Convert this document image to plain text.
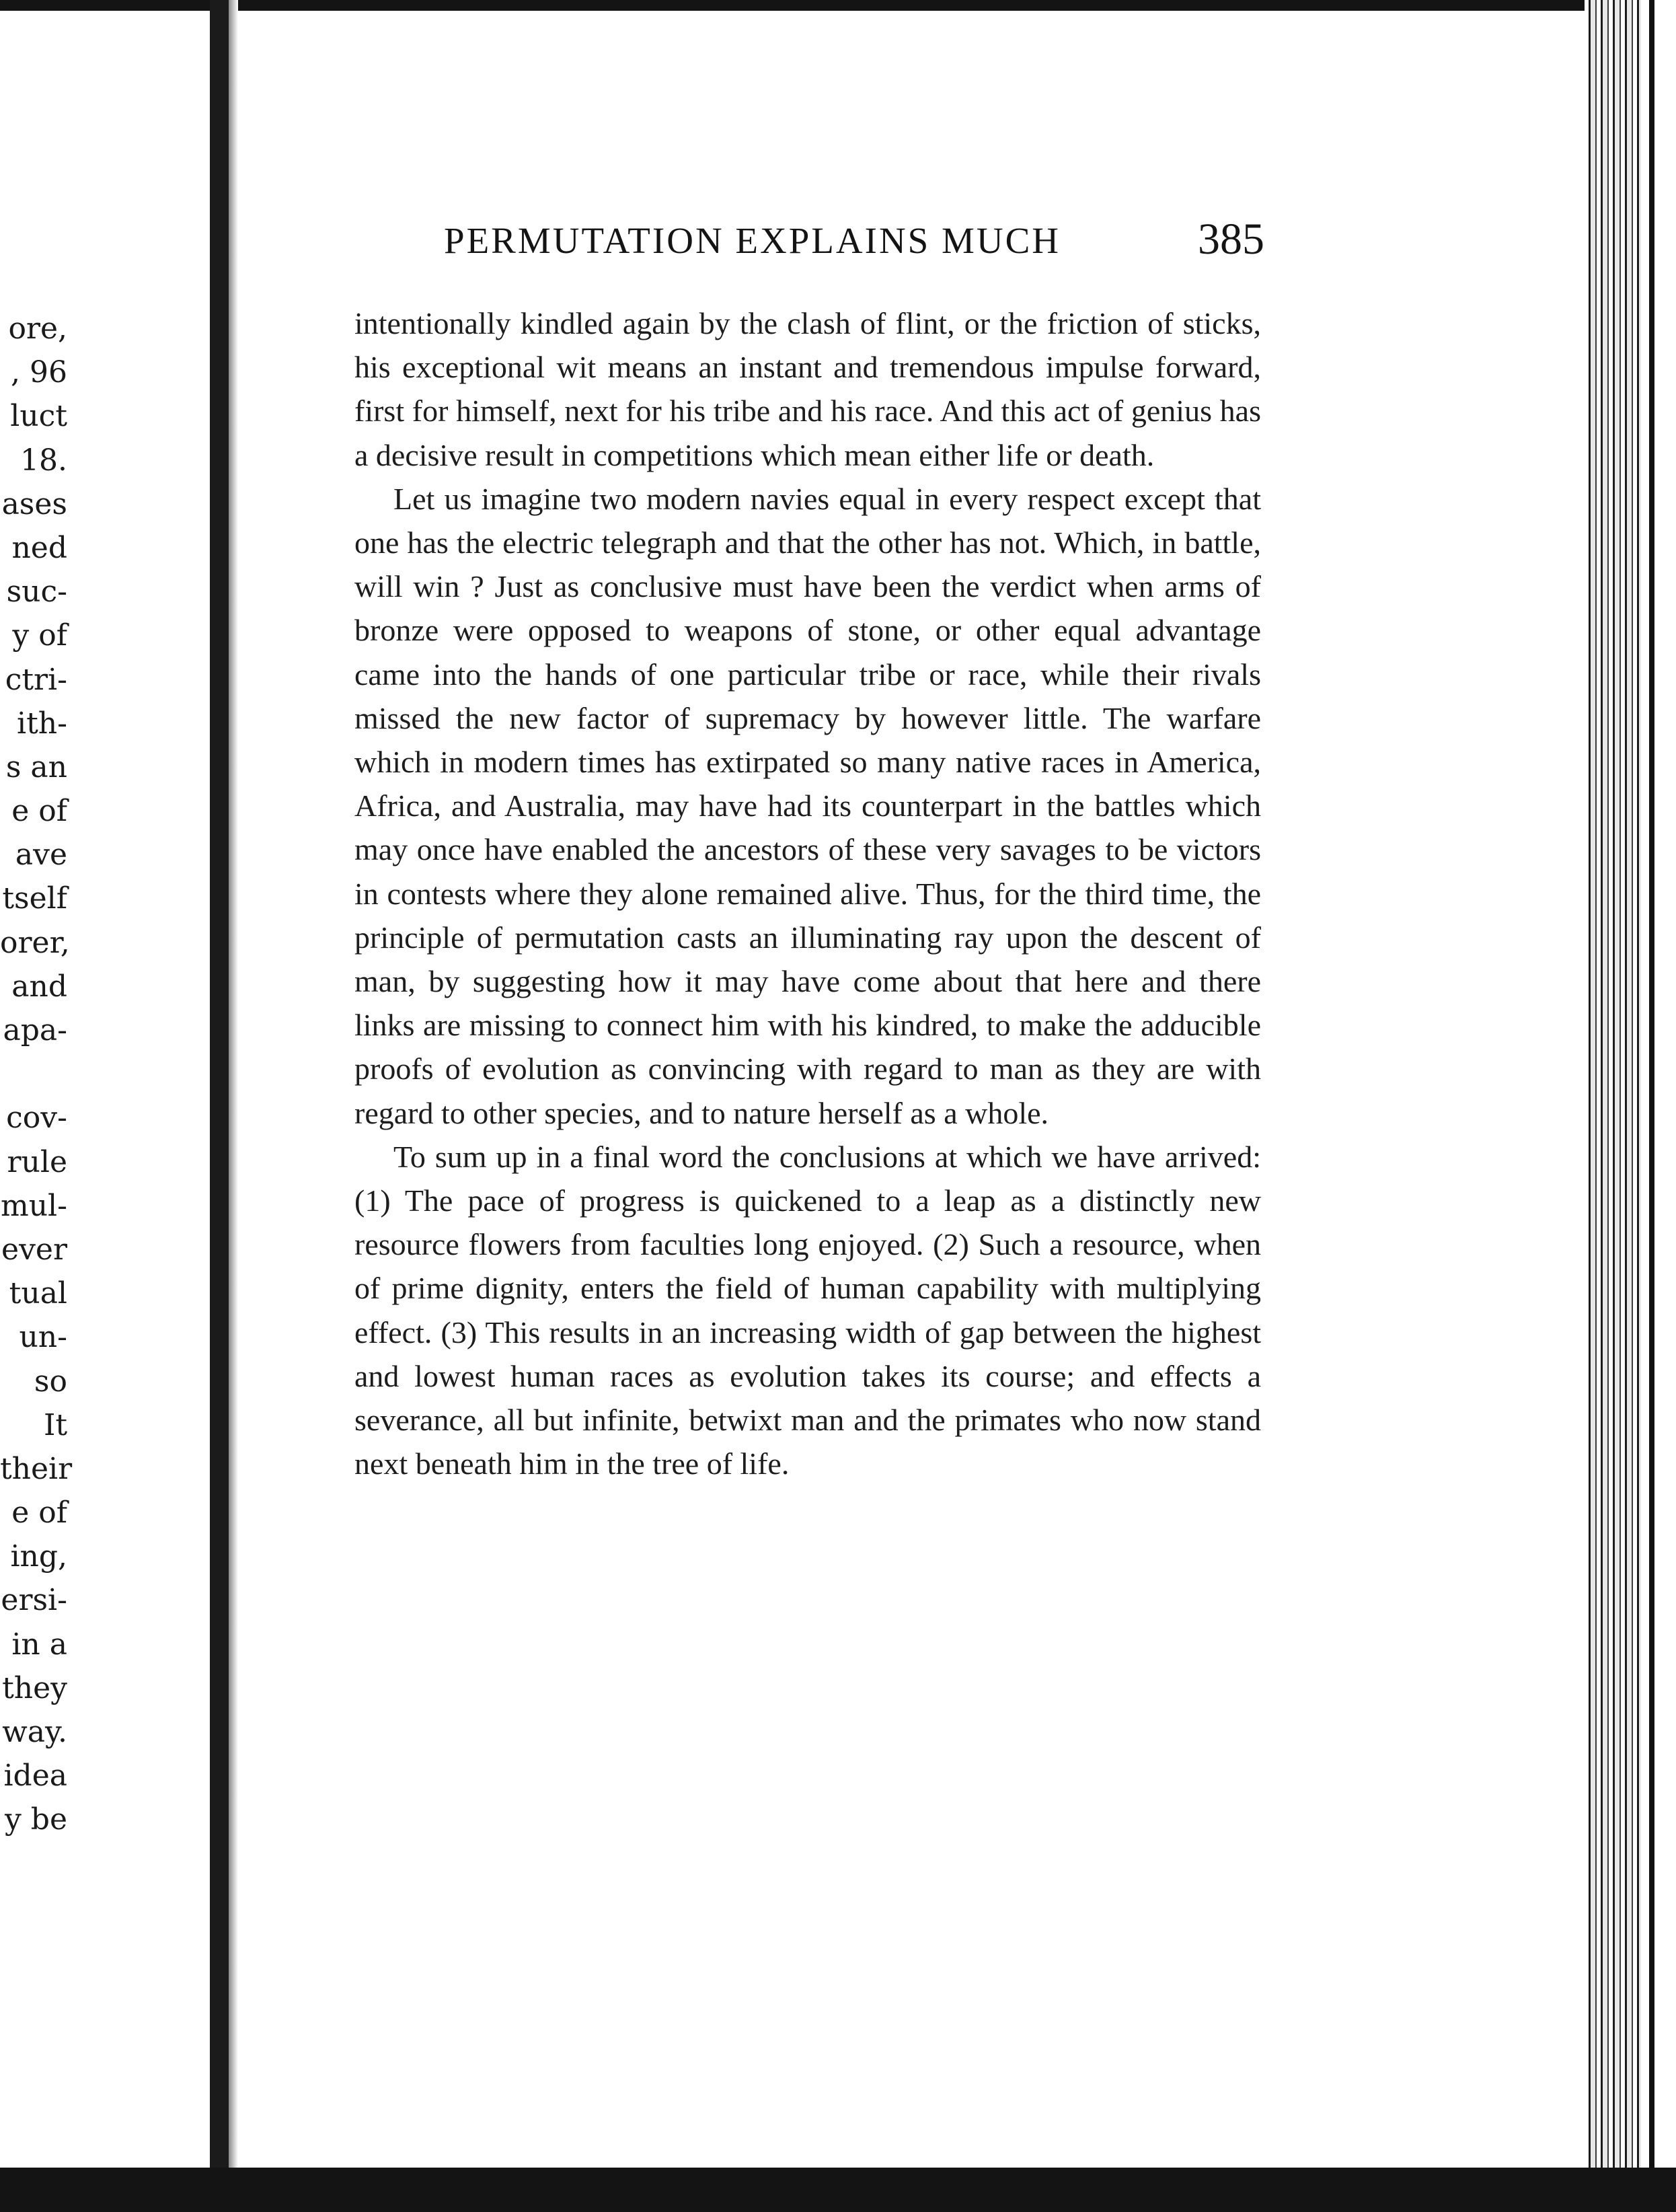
ore,
, 96
luct
18.
ases
ned
suc-
y of
ctri-
ith-
s an
e of
ave
tself
orer,
and
apa-
cov-
rule
mul-
ever
tual
un-
so
It
their
e of
ing,
ersi-
in a
they
way.
idea
y be
PERMUTATION EXPLAINS MUCH	385

intentionally kindled again by the clash of flint, or the friction of sticks, his exceptional wit means an instant and tremendous impulse forward, first for himself, next for his tribe and his race. And this act of genius has a decisive result in competitions which mean either life or death.

Let us imagine two modern navies equal in every respect except that one has the electric telegraph and that the other has not. Which, in battle, will win ? Just as conclusive must have been the verdict when arms of bronze were opposed to weapons of stone, or other equal advantage came into the hands of one particular tribe or race, while their rivals missed the new factor of supremacy by however little. The warfare which in modern times has extirpated so many native races in America, Africa, and Australia, may have had its counterpart in the battles which may once have enabled the ancestors of these very savages to be victors in contests where they alone remained alive. Thus, for the third time, the principle of permutation casts an illuminating ray upon the descent of man, by suggesting how it may have come about that here and there links are missing to connect him with his kindred, to make the adducible proofs of evolution as convincing with regard to man as they are with regard to other species, and to nature herself as a whole.

To sum up in a final word the conclusions at which we have arrived: (1) The pace of progress is quickened to a leap as a distinctly new resource flowers from faculties long enjoyed. (2) Such a resource, when of prime dignity, enters the field of human capability with multiplying effect. (3) This results in an increasing width of gap between the highest and lowest human races as evolution takes its course; and effects a severance, all but infinite, betwixt man and the primates who now stand next beneath him in the tree of life.
